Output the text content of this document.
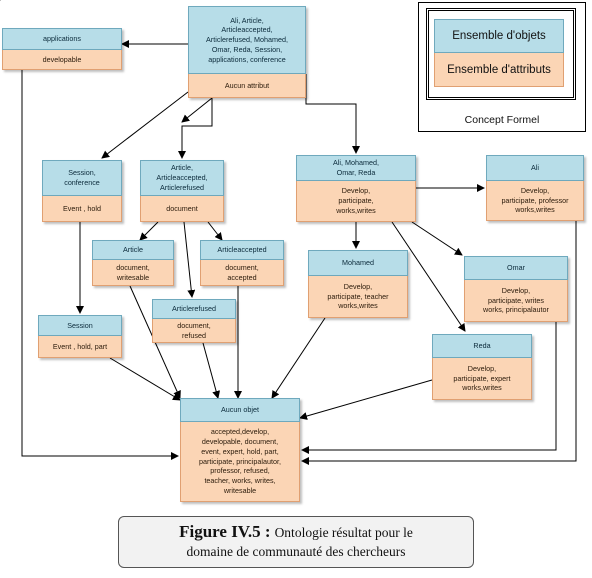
Ali, Article,
Articleaccepted,
Articlerefused, Mohamed,
Omar, Reda, Session,
applications, conference
Aucun attribut
applications
developable
Session,
conference
Event , hold
Article,
Articleaccepted,
Articlerefused
document
Ali, Mohamed,
Omar, Reda
Develop,
participate,
works,writes
Ali
Develop,
participate, professor
works,writes
Article
document,
writesable
Articleaccepted
document,
accepted
Mohamed
Develop,
participate, teacher
works,writes
Omar
Develop,
participate, writes
works, principalautor
Session
Event , hold, part
Articlerefused
document,
refused
Reda
Develop,
participate, expert
works,writes
Aucun objet
accepted,develop,
developable, document,
event, expert, hold, part,
participate, principalautor,
professor, refused,
teacher, works, writes,
writesable
Ensemble d'objets
Ensemble d'attributs
Concept Formel
Figure IV.5 : Ontologie résultat pour le
domaine de communauté des chercheurs
